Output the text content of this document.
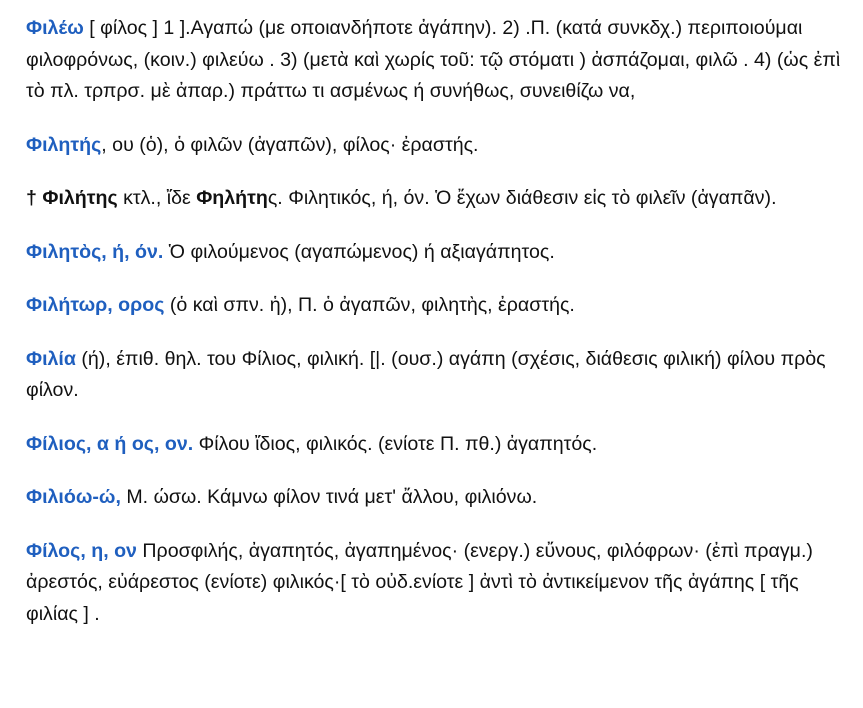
Φιλέω [ φίλος ] 1 ].Αγαπώ (με οποιανδήποτε ἀγάπην). 2) .Π. (κατά συνκδχ.) περιποιούμαι φιλοφρόνως, (κοιν.) φιλεύω . 3) (μετὰ καὶ χωρίς τοῦ: τῷ στόματι ) ἀσπάζομαι, φιλῶ . 4) (ὡς ἐπὶ τὸ πλ. τρπρσ. μὲ ἀπαρ.) πράττω τι ασμένως ή συνήθως, συνειθίζω να,

Φιλητής, ου (ὁ), ὁ φιλῶν (ἀγαπῶν), φίλος· ἐραστής.

† Φιλήτης κτλ., ἴδε Φηλήτης. Φιλητικός, ή, όν. Ὁ ἔχων διάθεσιν εἰς τὸ φιλεῖν (ἀγαπᾶν).

Φιλητὸς, ή, όν. Ὁ φιλούμενος (αγαπώμενος) ή αξιαγάπητος.

Φιλήτωρ, ορος (ὁ καὶ σπν. ἡ), Π. ὁ ἀγαπῶν, φιλητὴς, ἐραστής.

Φιλία (ή), έπιθ. θηλ. του Φίλιος, φιλική. [|. (ουσ.) αγάπη (σχέσις, διάθεσις φιλική) φίλου πρὸς φίλον.

Φίλιος, α ή ος, ον. Φίλου ἴδιος, φιλικός. (ενίοτε Π. πθ.) ἀγαπητός.

Φιλιόω-ώ, Μ. ώσω. Κάμνω φίλον τινά μετ' ἄλλου, φιλιόνω.

Φίλος, η, ον Προσφιλής, ἀγαπητός, ἀγαπημένος· (ενεργ.) εὔνους, φιλόφρων· (ἐπὶ πραγμ.) ἀρεστός, εὐάρεστος (ενίοτε) φιλικός·[ τὸ οὐδ.ενίοτε ] ἀντὶ τὸ ἀντικείμενον τῆς ἀγάπης [ τῆς φιλίας ] .
